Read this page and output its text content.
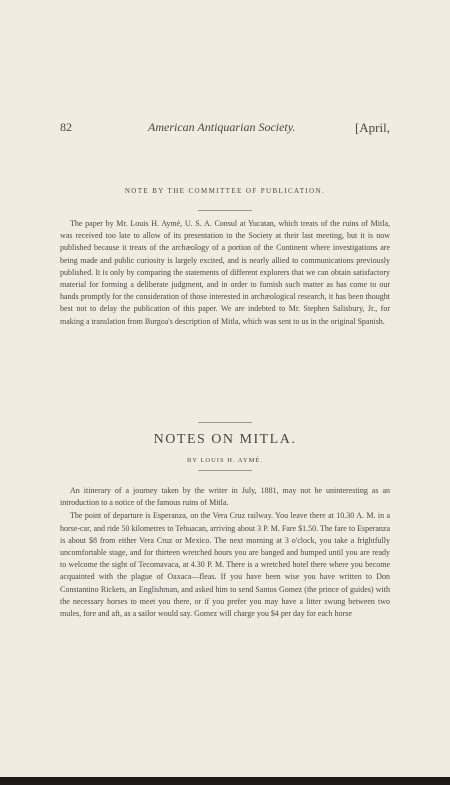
82	American Antiquarian Society.	[April,
NOTE BY THE COMMITTEE OF PUBLICATION.

The paper by Mr. Louis H. Aymé, U. S. A. Consul at Yucatan, which treats of the ruins of Mitla, was received too late to allow of its presentation to the Society at their last meeting, but it is now published because it treats of the archæology of a portion of the Continent where investigations are being made and public curiosity is largely excited, and is nearly allied to communications previously published. It is only by comparing the statements of different explorers that we can obtain satisfactory material for forming a deliberate judgment, and in order to furnish such matter as has come to our hands promptly for the consideration of those interested in archæological research, it has been thought best not to delay the publication of this paper. We are indebted to Mr. Stephen Salisbury, Jr., for making a translation from Burgoa's description of Mitla, which was sent to us in the original Spanish.

NOTES ON MITLA.
BY LOUIS H. AYMÉ.

An itinerary of a journey taken by the writer in July, 1881, may not be uninteresting as an introduction to a notice of the famous ruins of Mitla.

The point of departure is Esperanza, on the Vera Cruz railway. You leave there at 10.30 A. M. in a horse-car, and ride 50 kilometres to Tehuacan, arriving about 3 P. M. Fare $1.50. The fare to Esperanza is about $8 from either Vera Cruz or Mexico. The next morning at 3 o'clock, you take a frightfully uncomfortable stage, and for thirteen wretched hours you are banged and bumped until you are ready to welcome the sight of Tecomavaca, at 4.30 P. M. There is a wretched hotel there where you become acquainted with the plague of Oaxaca—fleas. If you have been wise you have written to Don Constantino Rickets, an Englishman, and asked him to send Santos Gomez (the prince of guides) with the necessary horses to meet you there, or if you prefer you may have a litter swung between two mules, fore and aft, as a sailor would say. Gomez will charge you $4 per day for each horse
